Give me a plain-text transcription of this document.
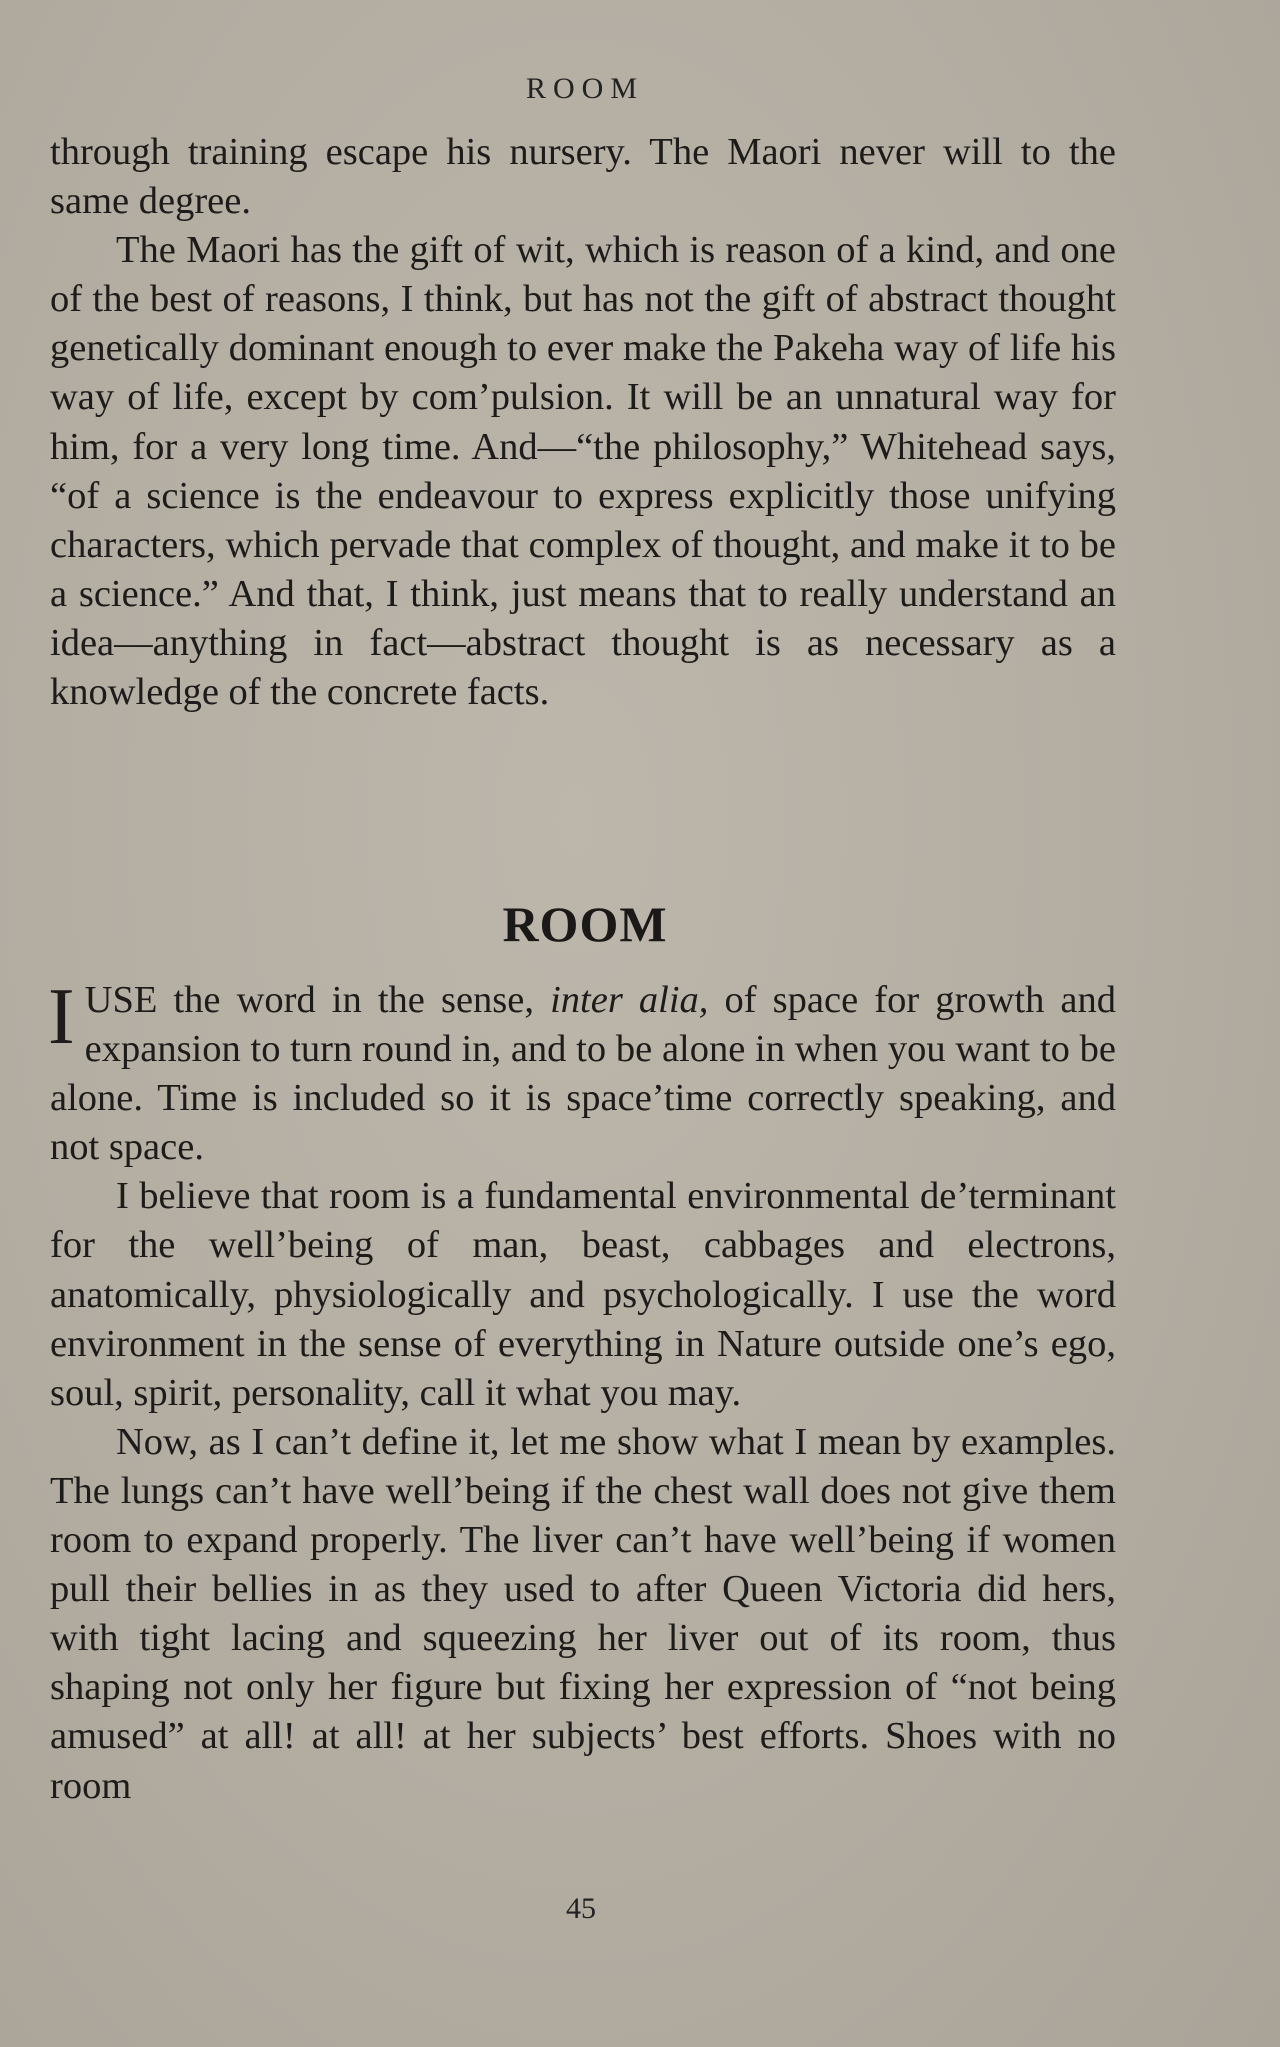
ROOM

through training escape his nursery. The Maori never will to the same degree.

The Maori has the gift of wit, which is reason of a kind, and one of the best of reasons, I think, but has not the gift of abstract thought genetically dominant enough to ever make the Pakeha way of life his way of life, except by com’pulsion. It will be an unnatural way for him, for a very long time. And—“the philosophy,” Whitehead says, “of a science is the endeavour to express explicitly those unifying characters, which pervade that complex of thought, and make it to be a science.” And that, I think, just means that to really understand an idea—anything in fact—abstract thought is as necessary as a knowledge of the concrete facts.

ROOM

I USE the word in the sense, inter alia, of space for growth and expansion to turn round in, and to be alone in when you want to be alone. Time is included so it is space’time correctly speaking, and not space.

I believe that room is a fundamental environmental de’terminant for the well’being of man, beast, cabbages and electrons, anatomically, physiologically and psychologically. I use the word environment in the sense of everything in Nature outside one’s ego, soul, spirit, personality, call it what you may.

Now, as I can’t define it, let me show what I mean by examples. The lungs can’t have well’being if the chest wall does not give them room to expand properly. The liver can’t have well’being if women pull their bellies in as they used to after Queen Victoria did hers, with tight lacing and squeezing her liver out of its room, thus shaping not only her figure but fixing her expression of “not being amused” at all! at all! at her subjects’ best efforts. Shoes with no room

45
